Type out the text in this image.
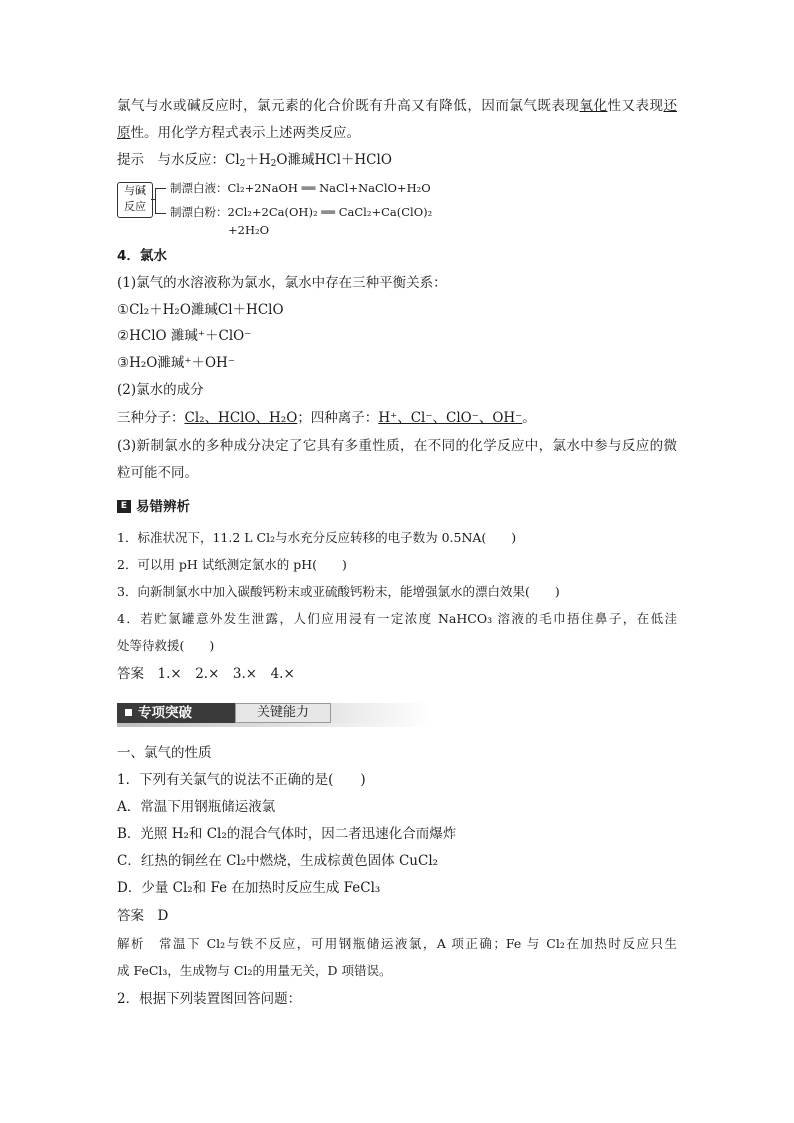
氯气与水或碱反应时，氯元素的化合价既有升高又有降低，因而氯气既表现氧化性又表现还
原性。用化学方程式表示上述两类反应。
提示　 与水反应：$Cl_2+H_2O$濉瑊HCl＋HClO
与碱
反应
制漂白液：Cl₂+2NaOH ══ NaCl+NaClO+H₂O
制漂白粉：2Cl₂+2Ca(OH)₂ ══ CaCl₂+Ca(ClO)₂
+2H₂O
4．氯水
(1)氯气的水溶液称为氯水，氯水中存在三种平衡关系：
①Cl₂＋H₂O濉瑊Cl＋HClO
②HClO 濉瑊⁺＋ClO⁻
③H₂O濉瑊⁺＋OH⁻
(2)氯水的成分
三种分子：Cl₂、HClO、H₂O；四种离子：H⁺、Cl⁻、ClO⁻、OH⁻。
(3)新制氯水的多种成分决定了它具有多重性质，在不同的化学反应中，氯水中参与反应的微
粒可能不同。
E 易错辨析
1．标准状况下，11.2 L Cl₂与水充分反应转移的电子数为 0.5NA(　　)
2．可以用 pH 试纸测定氯水的 pH(　　)
3．向新制氯水中加入碳酸钙粉末或亚硫酸钙粉末，能增强氯水的漂白效果(　　)
4．若贮氯罐意外发生泄露，人们应用浸有一定浓度 NaHCO₃ 溶液的毛巾捂住鼻子，在低洼
处等待救援(　　)
答案　1.×　2.×　3.×　4.×
专项突破	关键能力
一、氯气的性质
1．下列有关氯气的说法不正确的是(　　)
A．常温下用钢瓶储运液氯
B．光照 H₂和 Cl₂的混合气体时，因二者迅速化合而爆炸
C．红热的铜丝在 Cl₂中燃烧，生成棕黄色固体 CuCl₂
D．少量 Cl₂和 Fe 在加热时反应生成 FeCl₃
答案　D
解析　常温下 Cl₂与铁不反应，可用钢瓶储运液氯，A 项正确；Fe 与 Cl₂在加热时反应只生
成 FeCl₃，生成物与 Cl₂的用量无关，D 项错误。
2．根据下列装置图回答问题：
